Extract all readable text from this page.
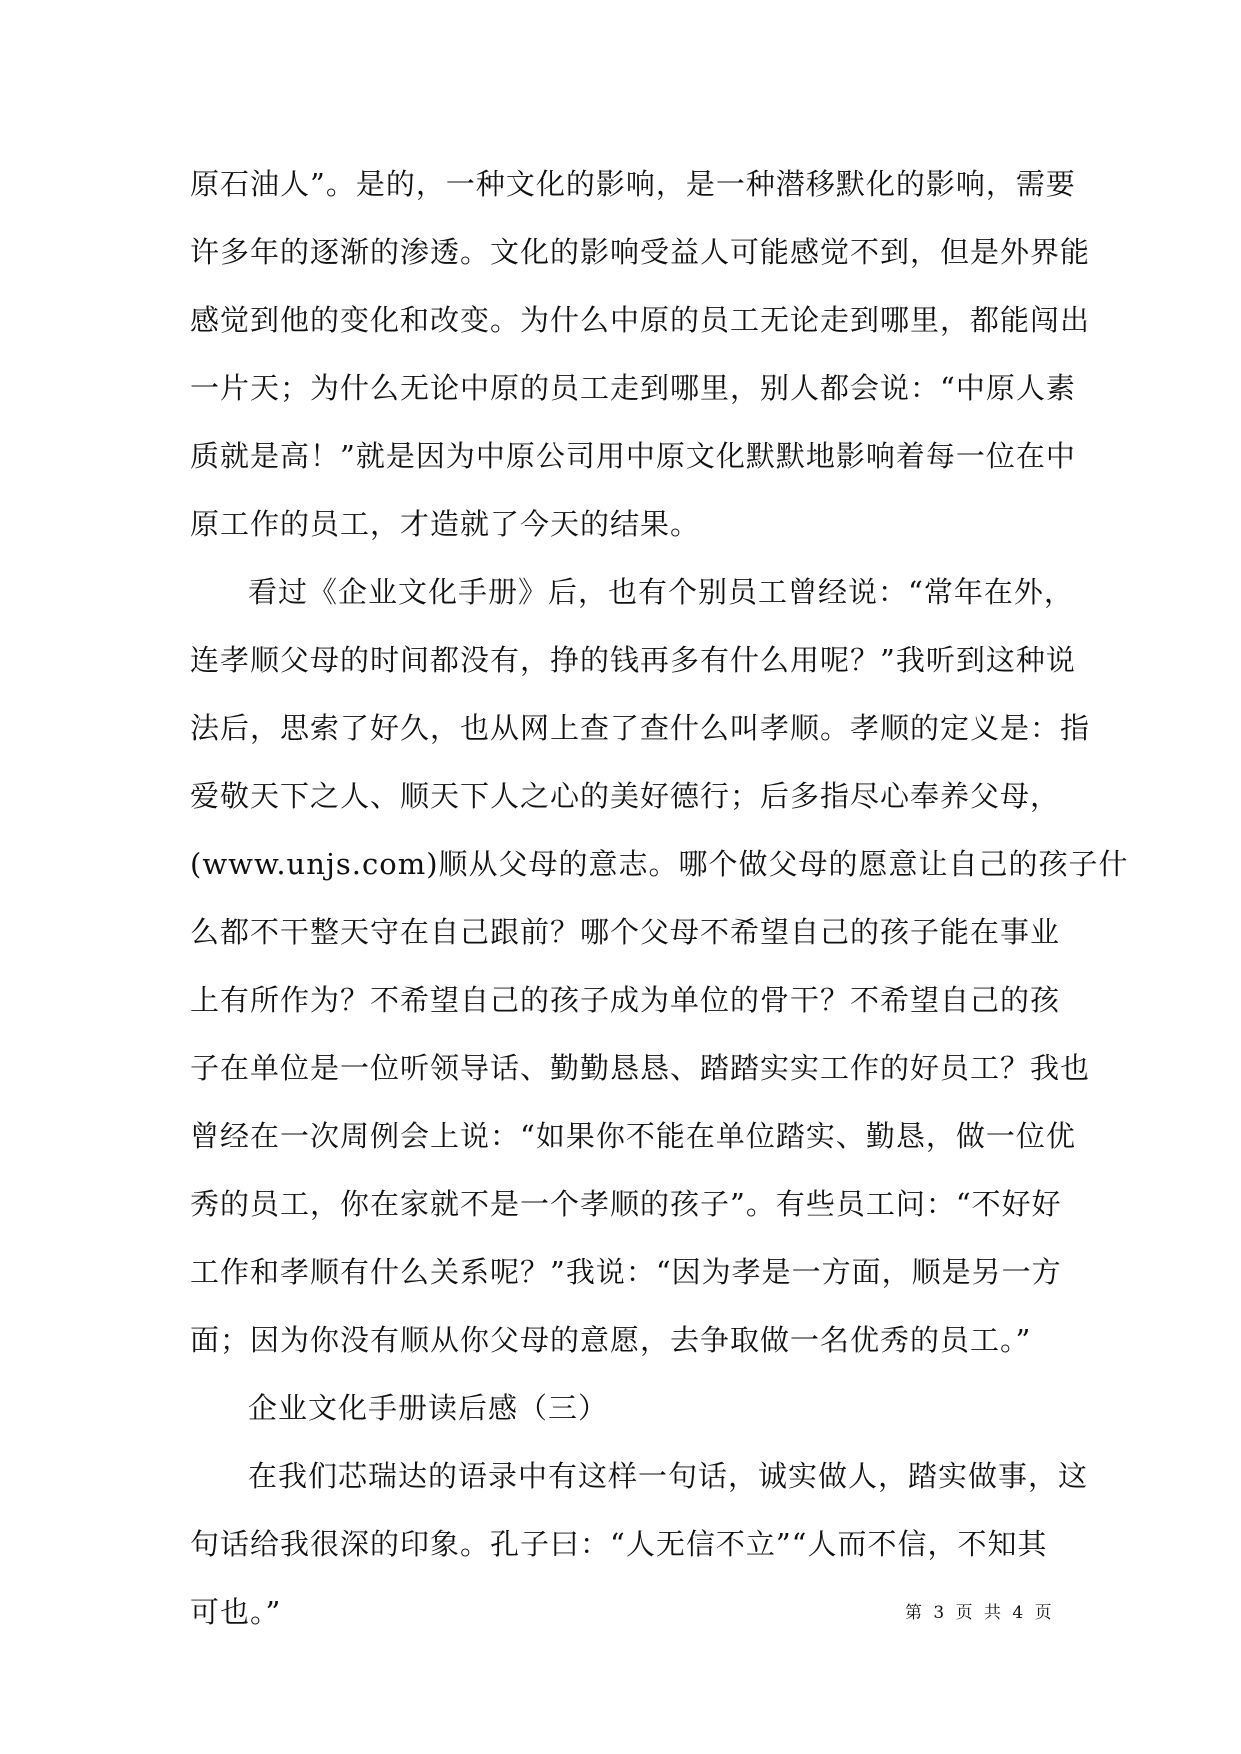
原石油人”。是的，一种文化的影响，是一种潜移默化的影响，需要
许多年的逐渐的渗透。文化的影响受益人可能感觉不到，但是外界能
感觉到他的变化和改变。为什么中原的员工无论走到哪里，都能闯出
一片天；为什么无论中原的员工走到哪里，别人都会说：“中原人素
质就是高！”就是因为中原公司用中原文化默默地影响着每一位在中
原工作的员工，才造就了今天的结果。
看过《企业文化手册》后，也有个别员工曾经说：“常年在外，
连孝顺父母的时间都没有，挣的钱再多有什么用呢？”我听到这种说
法后，思索了好久，也从网上查了查什么叫孝顺。孝顺的定义是：指
爱敬天下之人、顺天下人之心的美好德行；后多指尽心奉养父母，
(www.unjs.com)顺从父母的意志。哪个做父母的愿意让自己的孩子什
么都不干整天守在自己跟前？哪个父母不希望自己的孩子能在事业
上有所作为？不希望自己的孩子成为单位的骨干？不希望自己的孩
子在单位是一位听领导话、勤勤恳恳、踏踏实实工作的好员工？我也
曾经在一次周例会上说：“如果你不能在单位踏实、勤恳，做一位优
秀的员工，你在家就不是一个孝顺的孩子”。有些员工问：“不好好
工作和孝顺有什么关系呢？”我说：“因为孝是一方面，顺是另一方
面；因为你没有顺从你父母的意愿，去争取做一名优秀的员工。”
企业文化手册读后感（三）
在我们芯瑞达的语录中有这样一句话，诚实做人，踏实做事，这
句话给我很深的印象。孔子曰：“人无信不立”“人而不信，不知其
可也。”	第 3 页 共 4 页
